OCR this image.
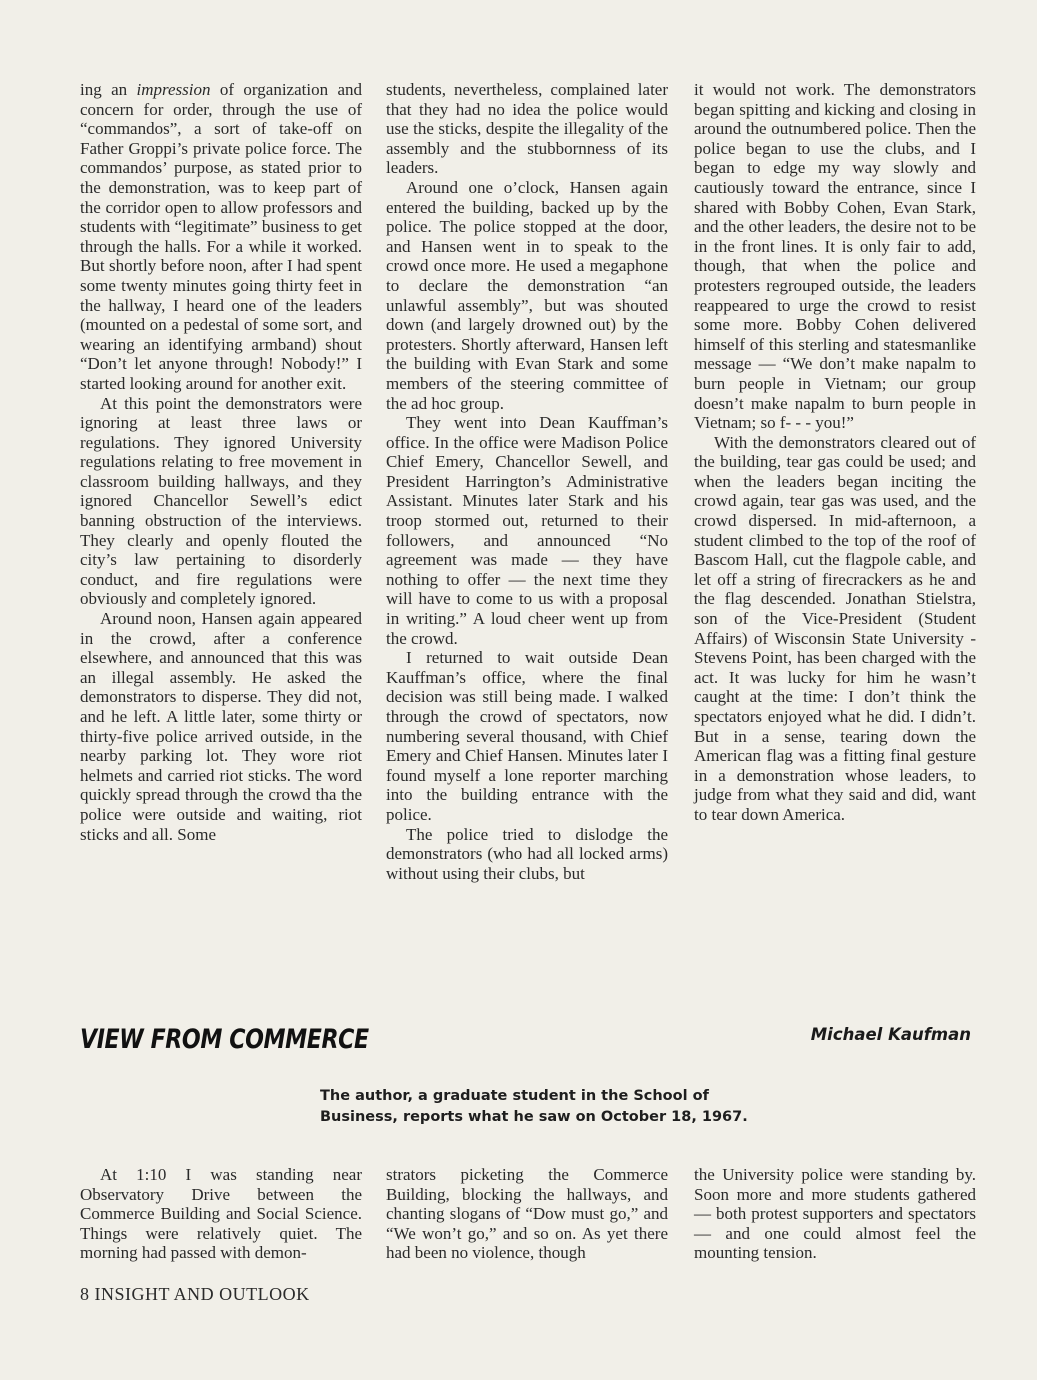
ing an impression of organization and concern for order, through the use of “commandos”, a sort of take-off on Father Groppi’s private police force. The commandos’ purpose, as stated prior to the demonstration, was to keep part of the corridor open to allow professors and students with “legitimate” business to get through the halls. For a while it worked. But shortly before noon, after I had spent some twenty minutes going thirty feet in the hallway, I heard one of the leaders (mounted on a pedestal of some sort, and wearing an identifying armband) shout “Don’t let anyone through! Nobody!” I started looking around for another exit.

At this point the demonstrators were ignoring at least three laws or regulations. They ignored University regulations relating to free movement in classroom building hallways, and they ignored Chancellor Sewell’s edict banning obstruction of the interviews. They clearly and openly flouted the city’s law pertaining to disorderly conduct, and fire regulations were obviously and completely ignored.

Around noon, Hansen again appeared in the crowd, after a conference elsewhere, and announced that this was an illegal assembly. He asked the demonstrators to disperse. They did not, and he left. A little later, some thirty or thirty-five police arrived outside, in the nearby parking lot. They wore riot helmets and carried riot sticks. The word quickly spread through the crowd tha the police were outside and waiting, riot sticks and all. Some

students, nevertheless, complained later that they had no idea the police would use the sticks, despite the illegality of the assembly and the stubbornness of its leaders.

Around one o’clock, Hansen again entered the building, backed up by the police. The police stopped at the door, and Hansen went in to speak to the crowd once more. He used a megaphone to declare the demonstration “an unlawful assembly”, but was shouted down (and largely drowned out) by the protesters. Shortly afterward, Hansen left the building with Evan Stark and some members of the steering committee of the ad hoc group.

They went into Dean Kauffman’s office. In the office were Madison Police Chief Emery, Chancellor Sewell, and President Harrington’s Administrative Assistant. Minutes later Stark and his troop stormed out, returned to their followers, and announced “No agreement was made — they have nothing to offer — the next time they will have to come to us with a proposal in writing.” A loud cheer went up from the crowd.

I returned to wait outside Dean Kauffman’s office, where the final decision was still being made. I walked through the crowd of spectators, now numbering several thousand, with Chief Emery and Chief Hansen. Minutes later I found myself a lone reporter marching into the building entrance with the police.

The police tried to dislodge the demonstrators (who had all locked arms) without using their clubs, but

it would not work. The demonstrators began spitting and kicking and closing in around the outnumbered police. Then the police began to use the clubs, and I began to edge my way slowly and cautiously toward the entrance, since I shared with Bobby Cohen, Evan Stark, and the other leaders, the desire not to be in the front lines. It is only fair to add, though, that when the police and protesters regrouped outside, the leaders reappeared to urge the crowd to resist some more. Bobby Cohen delivered himself of this sterling and statesmanlike message — “We don’t make napalm to burn people in Vietnam; our group doesn’t make napalm to burn people in Vietnam; so f- - - you!”

With the demonstrators cleared out of the building, tear gas could be used; and when the leaders began inciting the crowd again, tear gas was used, and the crowd dispersed. In mid-afternoon, a student climbed to the top of the roof of Bascom Hall, cut the flagpole cable, and let off a string of firecrackers as he and the flag descended. Jonathan Stielstra, son of the Vice-President (Student Affairs) of Wisconsin State University - Stevens Point, has been charged with the act. It was lucky for him he wasn’t caught at the time: I don’t think the spectators enjoyed what he did. I didn’t. But in a sense, tearing down the American flag was a fitting final gesture in a demonstration whose leaders, to judge from what they said and did, want to tear down America.

VIEW FROM COMMERCE	Michael Kaufman
The author, a graduate student in the School of
Business, reports what he saw on October 18, 1967.

At 1:10 I was standing near Observatory Drive between the Commerce Building and Social Science. Things were relatively quiet. The morning had passed with demon-

strators picketing the Commerce Building, blocking the hallways, and chanting slogans of “Dow must go,” and “We won’t go,” and so on. As yet there had been no violence, though

the University police were standing by. Soon more and more students gathered — both protest supporters and spectators — and one could almost feel the mounting tension.

8 INSIGHT AND OUTLOOK
